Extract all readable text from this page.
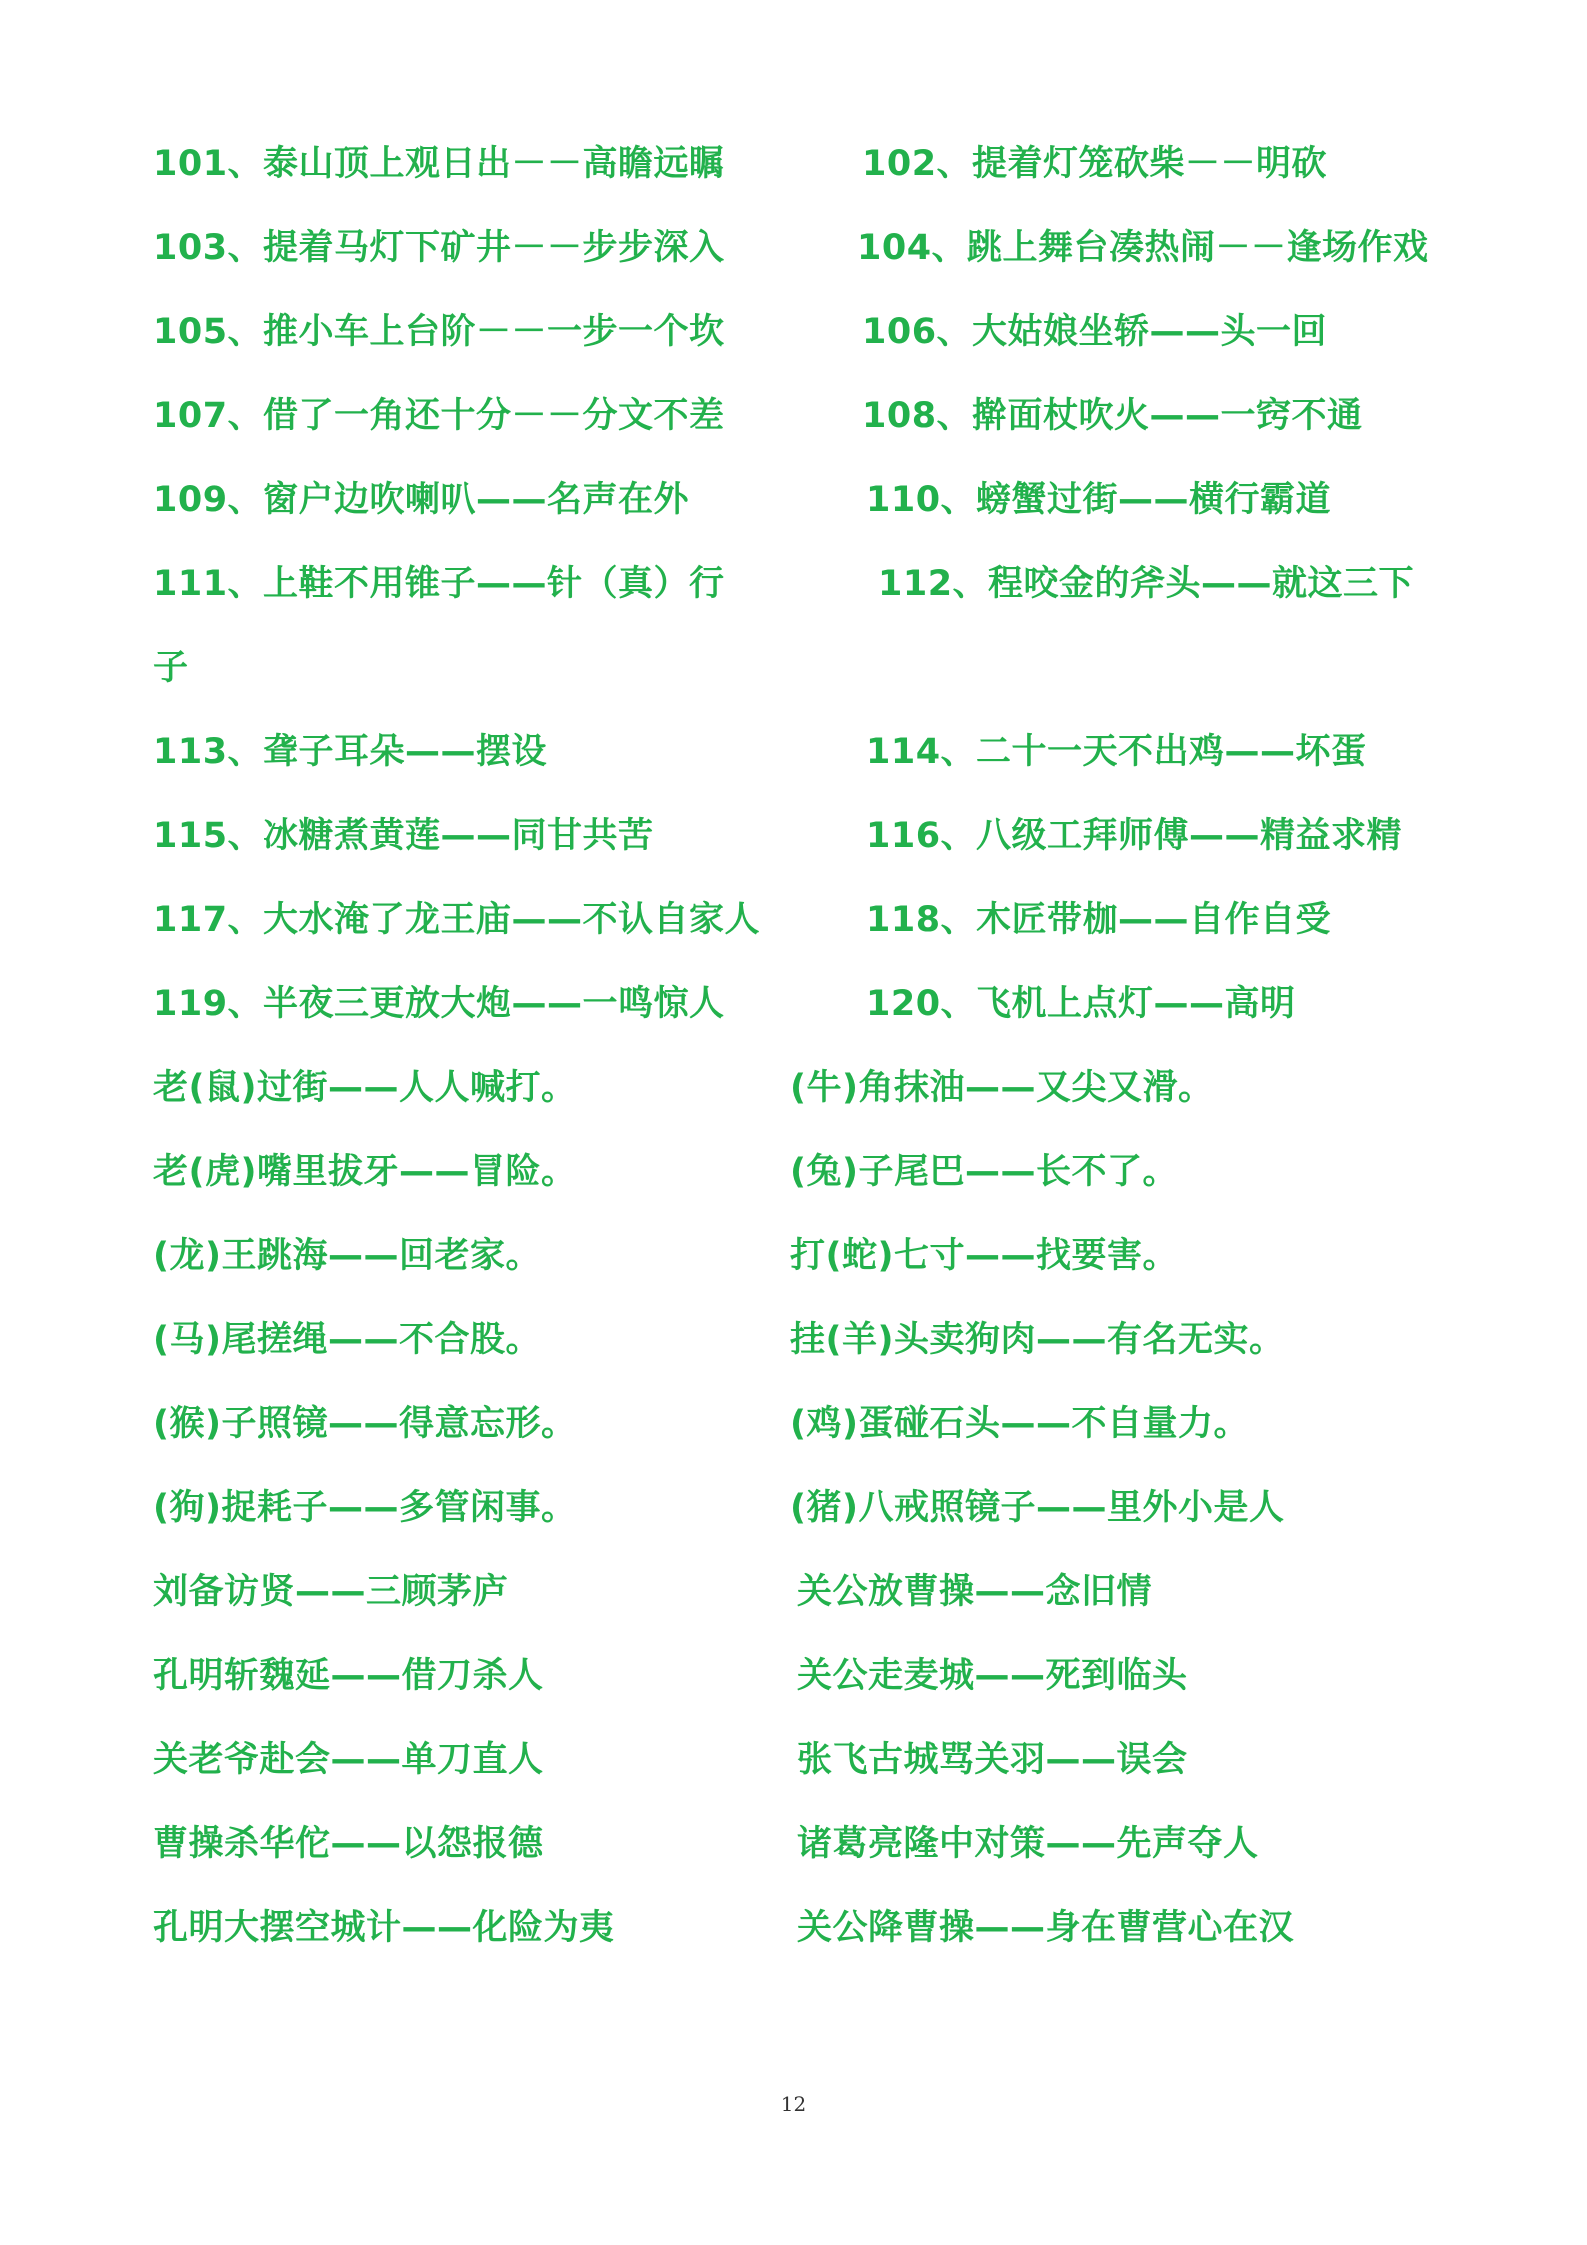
101、泰山顶上观日出－－高瞻远瞩	102、提着灯笼砍柴－－明砍
103、提着马灯下矿井－－步步深入	104、跳上舞台凑热闹－－逢场作戏
105、推小车上台阶－－一步一个坎	106、大姑娘坐轿——头一回
107、借了一角还十分－－分文不差	108、擀面杖吹火——一窍不通
109、窗户边吹喇叭——名声在外	110、螃蟹过街——横行霸道
111、上鞋不用锥子——针（真）行	112、程咬金的斧头——就这三下
子
113、聋子耳朵——摆设	114、二十一天不出鸡——坏蛋
115、冰糖煮黄莲——同甘共苦	116、八级工拜师傅——精益求精
117、大水淹了龙王庙——不认自家人	118、木匠带枷——自作自受
119、半夜三更放大炮——一鸣惊人	120、飞机上点灯——高明
老(鼠)过街——人人喊打。	(牛)角抹油——又尖又滑。
老(虎)嘴里拔牙——冒险。	(兔)子尾巴——长不了。
(龙)王跳海——回老家。	打(蛇)七寸——找要害。
(马)尾搓绳——不合股。	挂(羊)头卖狗肉——有名无实。
(猴)子照镜——得意忘形。	(鸡)蛋碰石头——不自量力。
(狗)捉耗子——多管闲事。	(猪)八戒照镜子——里外小是人
刘备访贤——三顾茅庐	关公放曹操——念旧情
孔明斩魏延——借刀杀人	关公走麦城——死到临头
关老爷赴会——单刀直人	张飞古城骂关羽——误会
曹操杀华佗——以怨报德	诸葛亮隆中对策——先声夺人
孔明大摆空城计——化险为夷	关公降曹操——身在曹营心在汉
12
